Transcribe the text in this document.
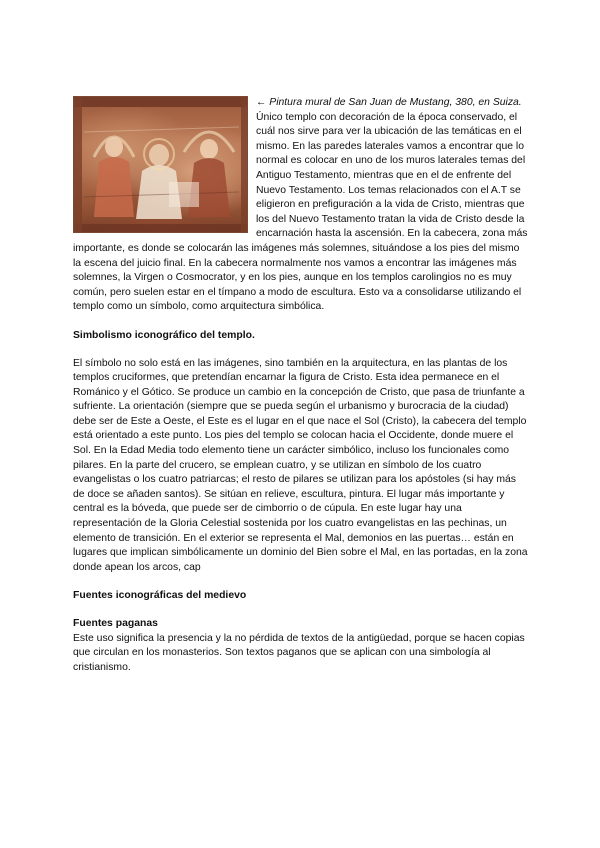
← Pintura mural de San Juan de Mustang, 380, en Suiza.

Único templo con decoración de la época conservado, el cuál nos sirve para ver la ubicación de las temáticas en el mismo. En las paredes laterales vamos a encontrar que lo normal es colocar en uno de los muros laterales temas del Antiguo Testamento, mientras que en el de enfrente del Nuevo Testamento. Los temas relacionados con el A.T se eligieron en prefiguración a la vida de Cristo, mientras que los del Nuevo Testamento tratan la vida de Cristo desde la encarnación hasta la ascensión. En la cabecera, zona más importante, es donde se colocarán las imágenes más solemnes, situándose a los pies del mismo la escena del juicio final. En la cabecera normalmente nos vamos a encontrar las imágenes más solemnes, la Virgen o Cosmocrator, y en los pies, aunque en los templos carolingios no es muy común, pero suelen estar en el tímpano a modo de escultura. Esto va a consolidarse utilizando el templo como un símbolo, como arquitectura simbólica.

Simbolismo iconográfico del templo.

El símbolo no solo está en las imágenes, sino también en la arquitectura, en las plantas de los templos cruciformes, que pretendían encarnar la figura de Cristo. Esta idea permanece en el Románico y el Gótico. Se produce un cambio en la concepción de Cristo, que pasa de triunfante a sufriente. La orientación (siempre que se pueda según el urbanismo y burocracia de la ciudad) debe ser de Este a Oeste, el Este es el lugar en el que nace el Sol (Cristo), la cabecera del templo está orientado a este punto. Los pies del templo se colocan hacia el Occidente, donde muere el Sol. En la Edad Media todo elemento tiene un carácter simbólico, incluso los funcionales como pilares. En la parte del crucero, se emplean cuatro, y se utilizan en símbolo de los cuatro evangelistas o los cuatro patriarcas; el resto de pilares se utilizan para los apóstoles (si hay más de doce se añaden santos). Se sitúan en relieve, escultura, pintura. El lugar más importante y central es la bóveda, que puede ser de cimborrio o de cúpula. En este lugar hay una representación de la Gloria Celestial sostenida por los cuatro evangelistas en las pechinas, un elemento de transición. En el exterior se representa el Mal, demonios en las puertas… están en lugares que implican simbólicamente un dominio del Bien sobre el Mal, en las portadas, en la zona donde apean los arcos, cap

Fuentes iconográficas del medievo

Fuentes paganas

Este uso significa la presencia y la no pérdida de textos de la antigüedad, porque se hacen copias que circulan en los monasterios. Son textos paganos que se aplican con una simbología al cristianismo.
